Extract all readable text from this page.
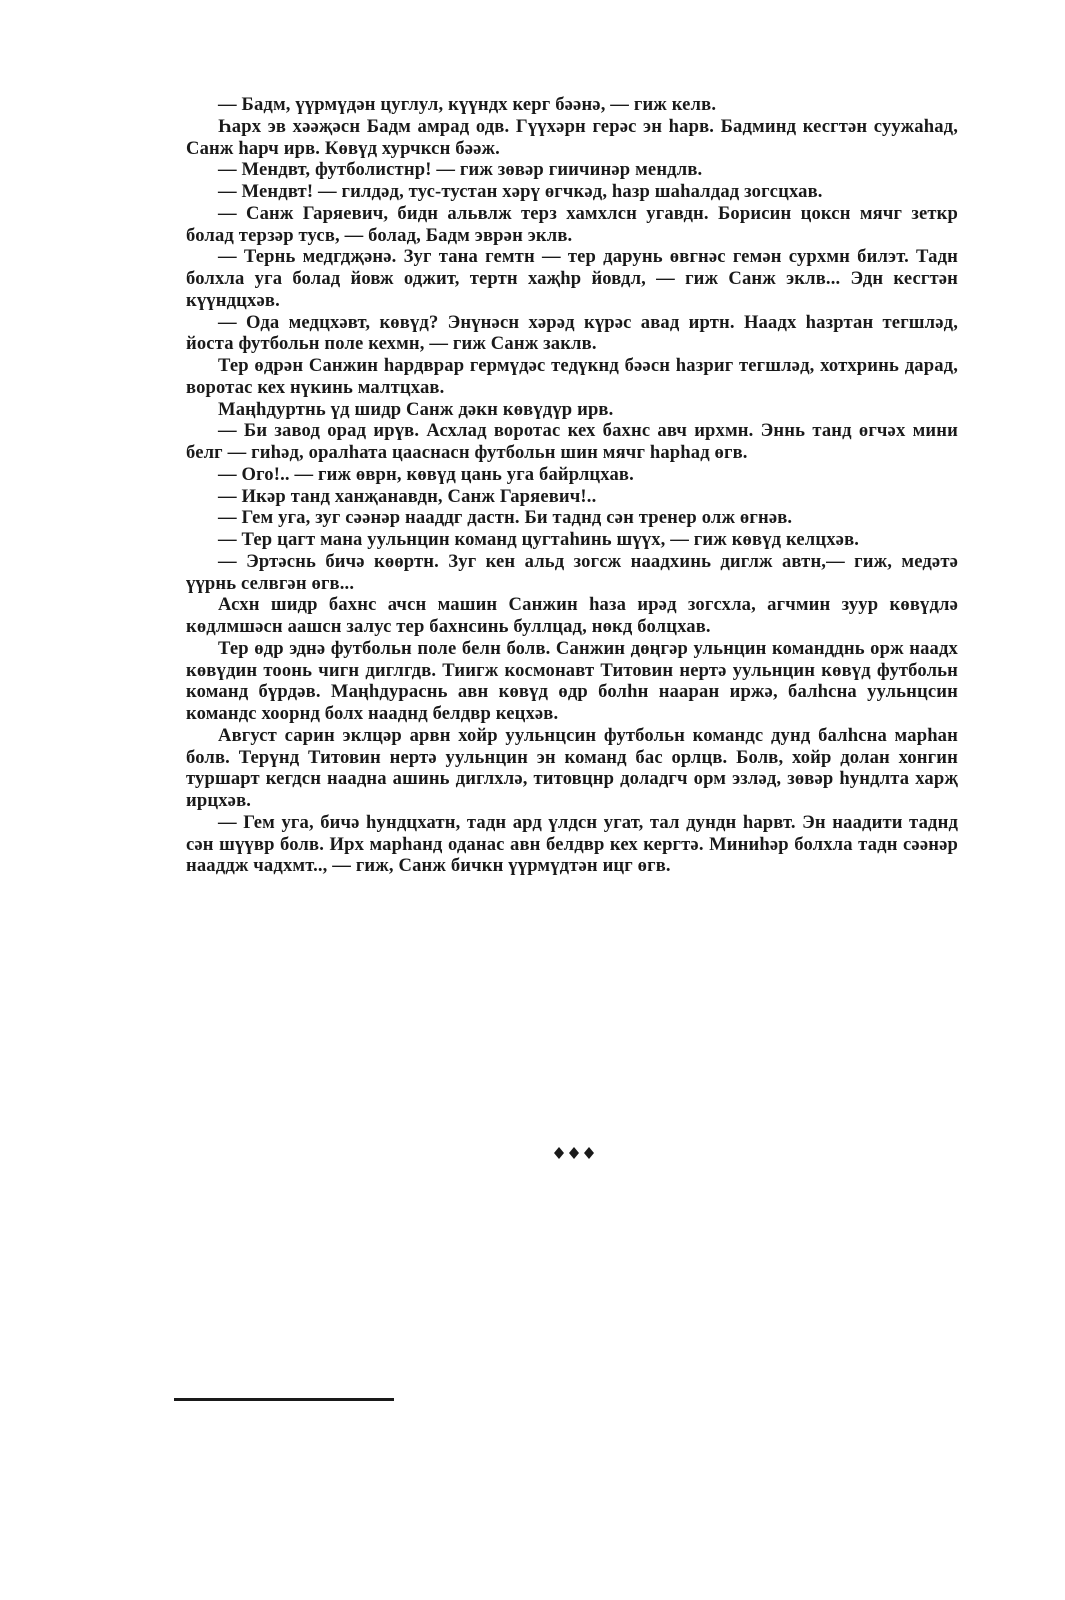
— Бадм, үүрмүдән цуглул, күүндх керг бәәнә, — гиж келв.

Һарх эв хәәҗәсн Бадм амрад одв. Гүүхәрн герәс эн һарв. Бадминд кесгтән суужаһад, Санж һарч ирв. Көвүд хурчксн бәәж.

— Мендвт, футболистнр! — гиж зөвәр гиичинәр мендлв.

— Мендвт! — гилдәд, тус-тустан хәрү өгчкәд, һазр шаһалдад зогсцхав.

— Санж Гаряевич, бидн альвлж терз хамхлсн угавдн. Борисин цоксн мячг зеткр болад терзәр тусв, — болад, Бадм эврән эклв.

— Тернь медгдҗәнә. Зуг тана гемтн — тер дарунь өвгнәс гемән сурхмн билэт. Тадн болхла уга болад йовж оджит, тертн хаҗһр йовдл, — гиж Санж эклв... Эдн кесгтән күүндцхәв.

— Ода медцхәвт, көвүд? Энүнәсн хәрәд күрәс авад иртн. Наадх һазртан тегшләд, йоста футбольн поле кехмн, — гиж Санж заклв.

Тер өдрән Санжин һардврар гермүдәс тедүкнд бәәсн һазриг тегшләд, хотхринь дарад, воротас кех нүкинь малтцхав.

Маңһдуртнь үд шидр Санж дәкн көвүдүр ирв.

— Би завод орад ирүв. Асхлад воротас кех бахнс авч ирхмн. Эннь танд өгчәх мини белг — гиһәд, оралһата цааснасн футбольн шин мячг һарһад өгв.

— Ого!.. — гиж өврн, көвүд цань уга байрлцхав.

— Икәр танд ханҗанавдн, Санж Гаряевич!..

— Гем уга, зуг сәәнәр нааддг дастн. Би таднд сән тренер олж өгнәв.

— Тер цагт мана уульнцин команд цугтаһинь шүүх, — гиж көвүд келцхәв.

— Эртәснь бичә көөртн. Зуг кен альд зогсж наадхинь диглж автн,— гиж, медәтә үүрнь селвгән өгв...

Асхн шидр бахнс ачсн машин Санжин һаза ирәд зогсхла, агчмин зуур көвүдлә көдлмшәсн аашсн залус тер бахнсинь буллцад, нөкд болцхав.

Тер өдр эднә футбольн поле белн болв. Санжин дөңгәр ульнцин командднь орж наадх көвүдин тоонь чигн диглгдв. Тиигж космонавт Титовин нертә уульнцин көвүд футбольн команд бүрдәв. Маңһдураснь авн көвүд өдр болһн нааран иржә, балһсна уульнцсин командс хоорнд болх нааднд белдвр кецхәв.

Август сарин эклцәр арвн хойр уульнцсин футбольн командс дунд балһсна марһан болв. Терүнд Титовин нертә уульнцин эн команд бас орлцв. Болв, хойр долан хонгин туршарт кегдсн наадна ашинь диглхлә, титовцнр доладгч орм эзләд, зөвәр һундлта харҗ ирцхәв.

— Гем уга, бичә һундцхатн, тадн ард үлдсн угат, тал дундн һарвт. Эн наадити таднд сән шүүвр болв. Ирх марһанд оданас авн белдвр кех кергтә. Миниһәр болхла тадн сәәнәр нааддж чадхмт.., — гиж, Санж бичкн үүрмүдтән ицг өгв.
